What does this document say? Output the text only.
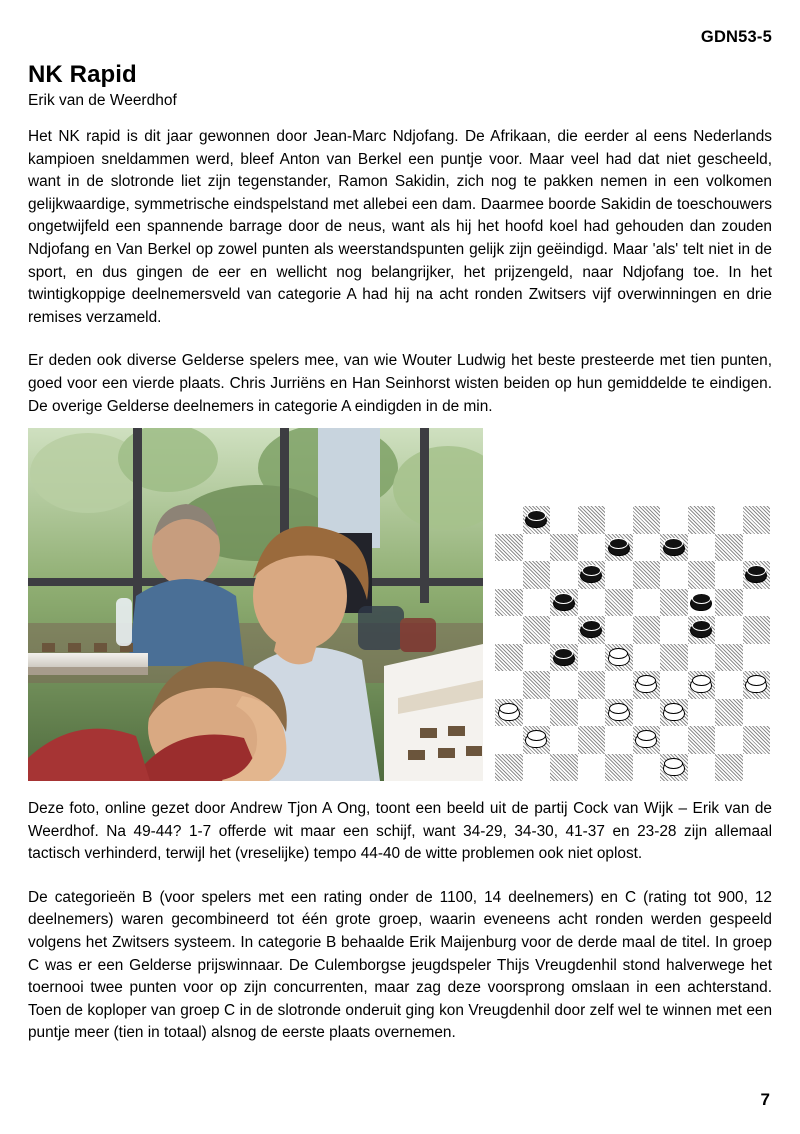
GDN53-5
NK Rapid

Erik van de Weerdhof

Het NK rapid is dit jaar gewonnen door Jean-Marc Ndjofang. De Afrikaan, die eerder al eens Nederlands kampioen sneldammen werd, bleef Anton van Berkel een puntje voor. Maar veel had dat niet gescheeld, want in de slotronde liet zijn tegenstander, Ramon Sakidin, zich nog te pakken nemen in een volkomen gelijkwaardige, symmetrische eindspelstand met allebei een dam. Daarmee boorde Sakidin de toeschouwers ongetwijfeld een spannende barrage door de neus, want als hij het hoofd koel had gehouden dan zouden Ndjofang en Van Berkel op zowel punten als weerstandspunten gelijk zijn geëindigd. Maar 'als' telt niet in de sport, en dus gingen de eer en wellicht nog belangrijker, het prijzengeld, naar Ndjofang toe. In het twintigkoppige deelnemersveld van categorie A had hij na acht ronden Zwitsers vijf overwinningen en drie remises verzameld.

Er deden ook diverse Gelderse spelers mee, van wie Wouter Ludwig het beste presteerde met tien punten, goed voor een vierde plaats. Chris Jurriëns en Han Seinhorst wisten beiden op hun gemiddelde te eindigen. De overige Gelderse deelnemers in categorie A eindigden in de min.

Deze foto, online gezet door Andrew Tjon A Ong, toont een beeld uit de partij Cock van Wijk – Erik van de Weerdhof. Na 49-44? 1-7 offerde wit maar een schijf, want 34-29, 34-30, 41-37 en 23-28 zijn allemaal tactisch verhinderd, terwijl het (vreselijke) tempo 44-40 de witte problemen ook niet oplost.

De categorieën B (voor spelers met een rating onder de 1100, 14 deelnemers) en C (rating tot 900, 12 deelnemers) waren gecombineerd tot één grote groep, waarin eveneens acht ronden werden gespeeld volgens het Zwitsers systeem. In categorie B behaalde Erik Maijenburg voor de derde maal de titel. In groep C was er een Gelderse prijswinnaar. De Culemborgse jeugdspeler Thijs Vreugdenhil stond halverwege het toernooi twee punten voor op zijn concurrenten, maar zag deze voorsprong omslaan in een achterstand. Toen de koploper van groep C in de slotronde onderuit ging kon Vreugdenhil door zelf wel te winnen met een puntje meer (tien in totaal) alsnog de eerste plaats overnemen.

7
